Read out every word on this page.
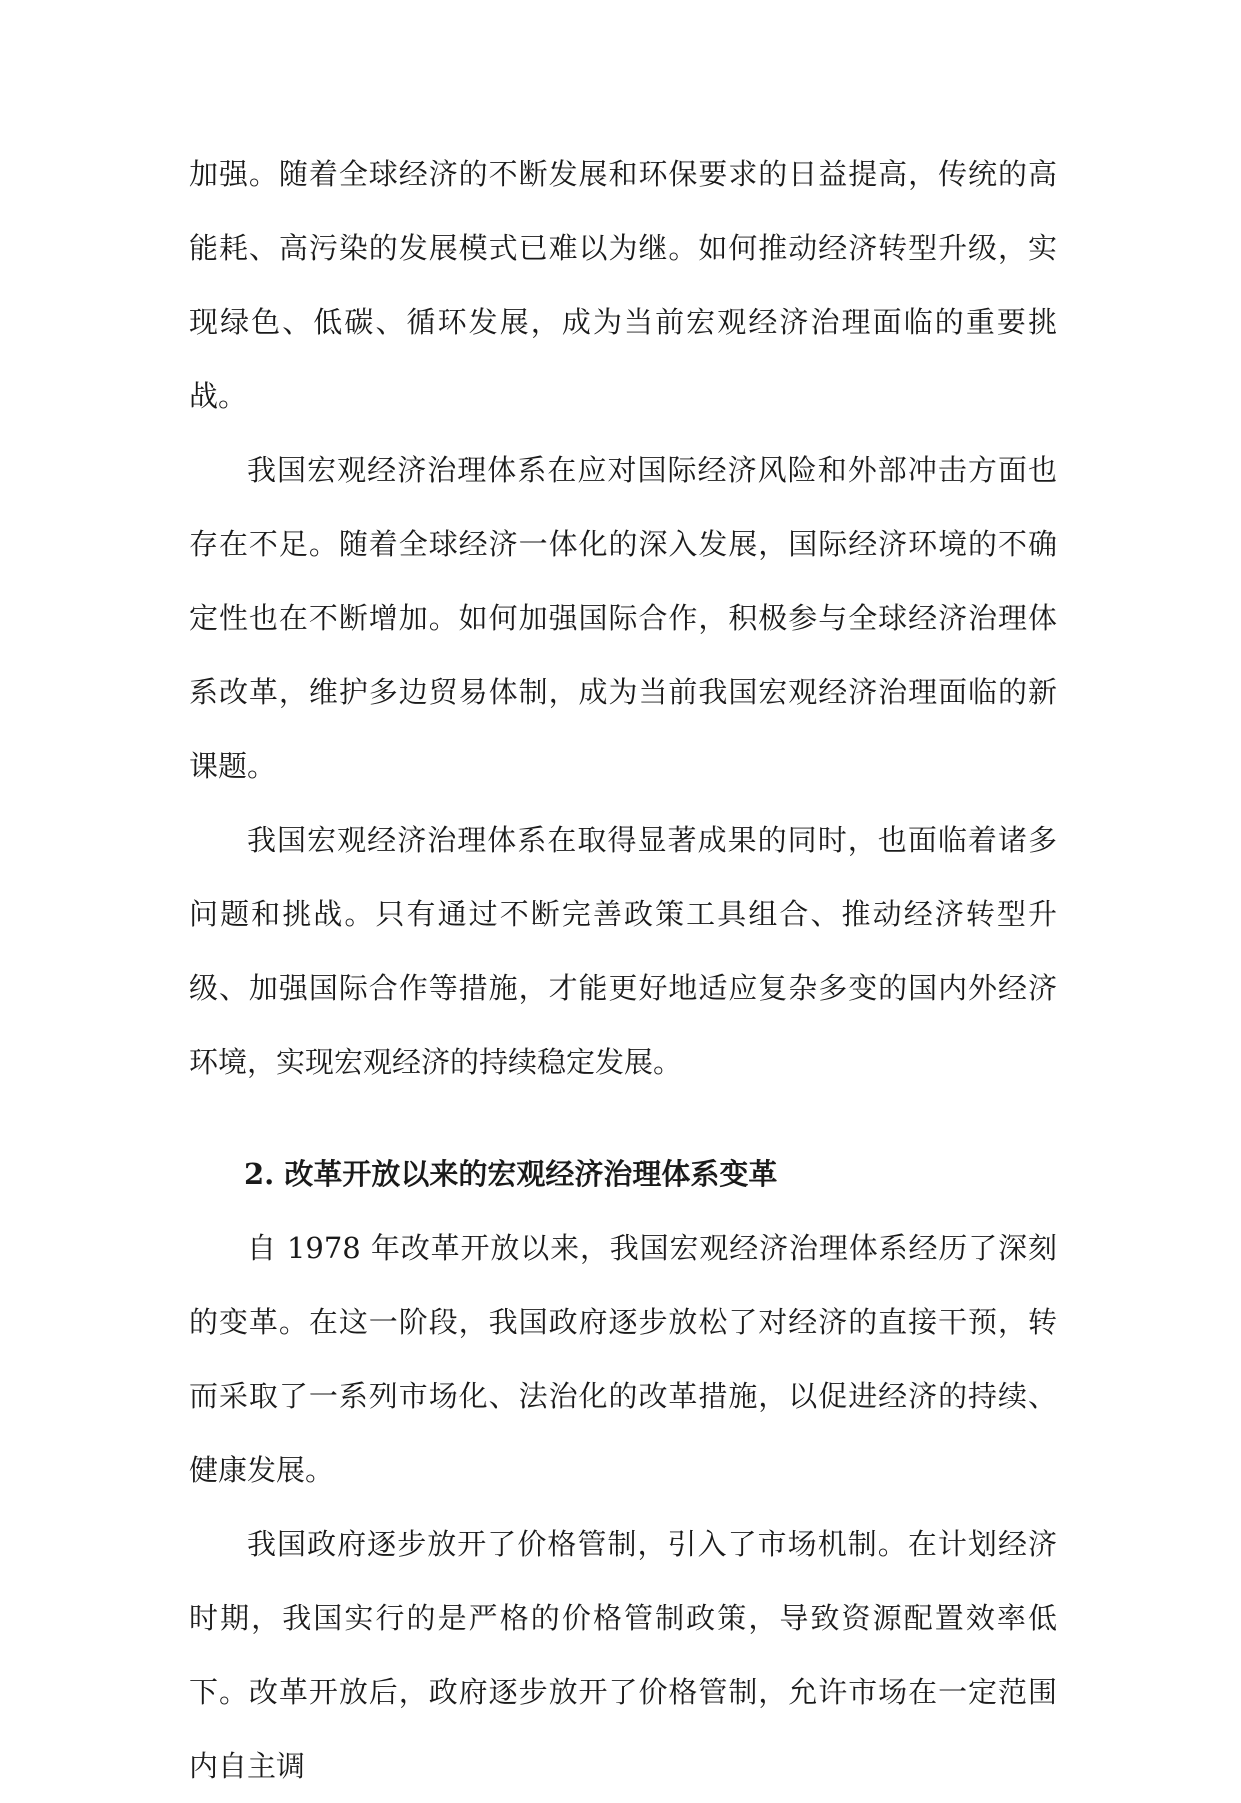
加强。随着全球经济的不断发展和环保要求的日益提高，传统的高能耗、高污染的发展模式已难以为继。如何推动经济转型升级，实现绿色、低碳、循环发展，成为当前宏观经济治理面临的重要挑战。

我国宏观经济治理体系在应对国际经济风险和外部冲击方面也存在不足。随着全球经济一体化的深入发展，国际经济环境的不确定性也在不断增加。如何加强国际合作，积极参与全球经济治理体系改革，维护多边贸易体制，成为当前我国宏观经济治理面临的新课题。

我国宏观经济治理体系在取得显著成果的同时，也面临着诸多问题和挑战。只有通过不断完善政策工具组合、推动经济转型升级、加强国际合作等措施，才能更好地适应复杂多变的国内外经济环境，实现宏观经济的持续稳定发展。

2. 改革开放以来的宏观经济治理体系变革

自 1978 年改革开放以来，我国宏观经济治理体系经历了深刻的变革。在这一阶段，我国政府逐步放松了对经济的直接干预，转而采取了一系列市场化、法治化的改革措施，以促进经济的持续、健康发展。

我国政府逐步放开了价格管制，引入了市场机制。在计划经济时期，我国实行的是严格的价格管制政策，导致资源配置效率低下。改革开放后，政府逐步放开了价格管制，允许市场在一定范围内自主调
